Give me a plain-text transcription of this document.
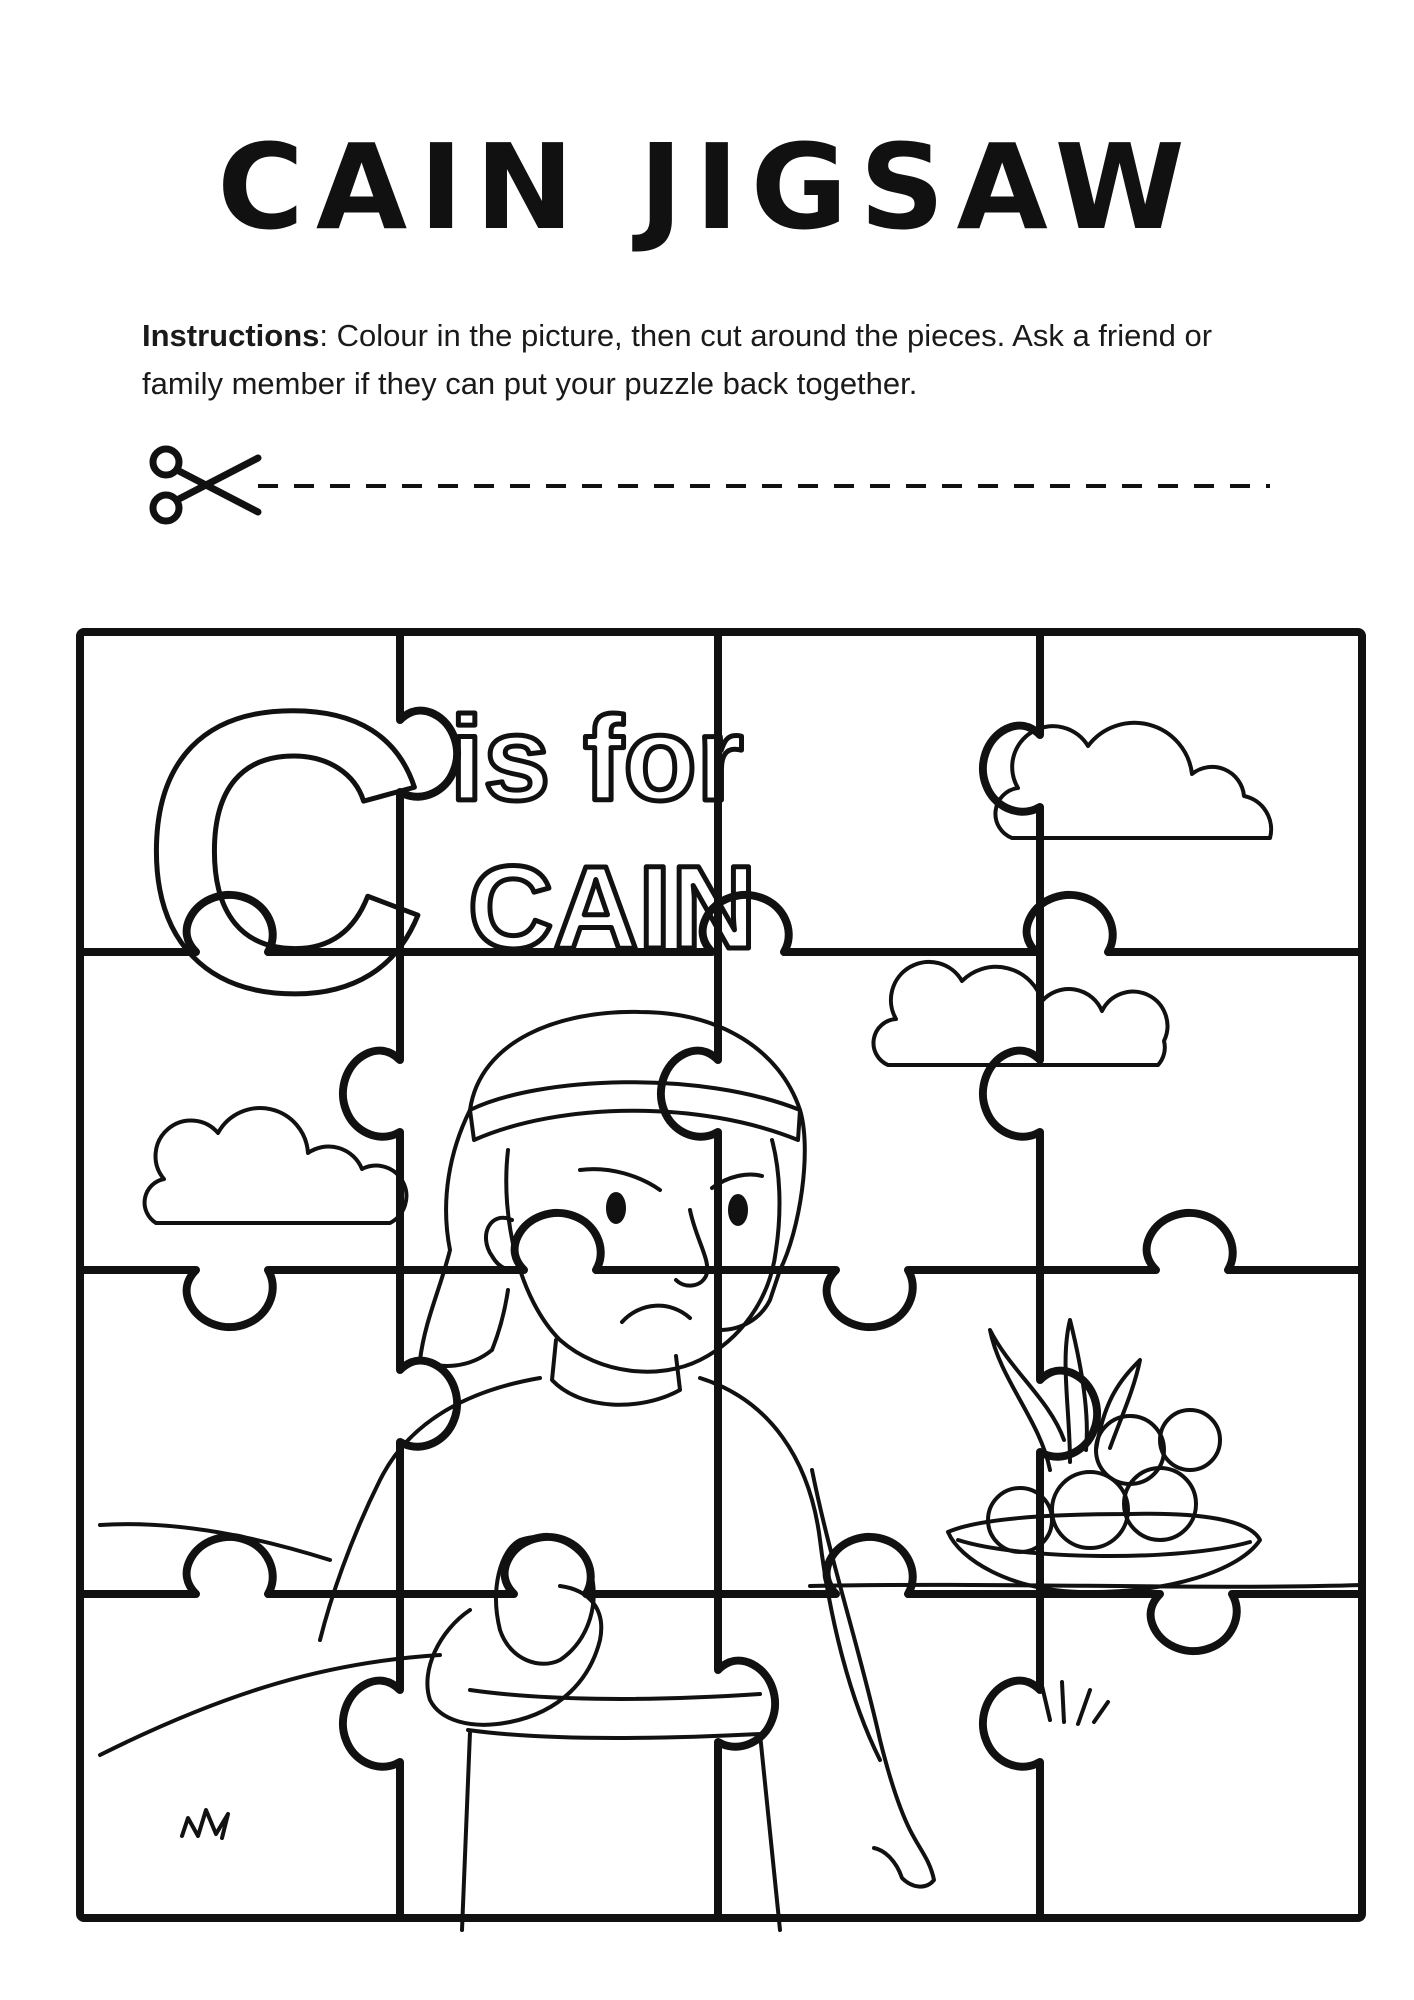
CAIN JIGSAW

Instructions: Colour in the picture, then cut around the pieces. Ask a friend or family member if they can put your puzzle back together.

C is for
CAIN
